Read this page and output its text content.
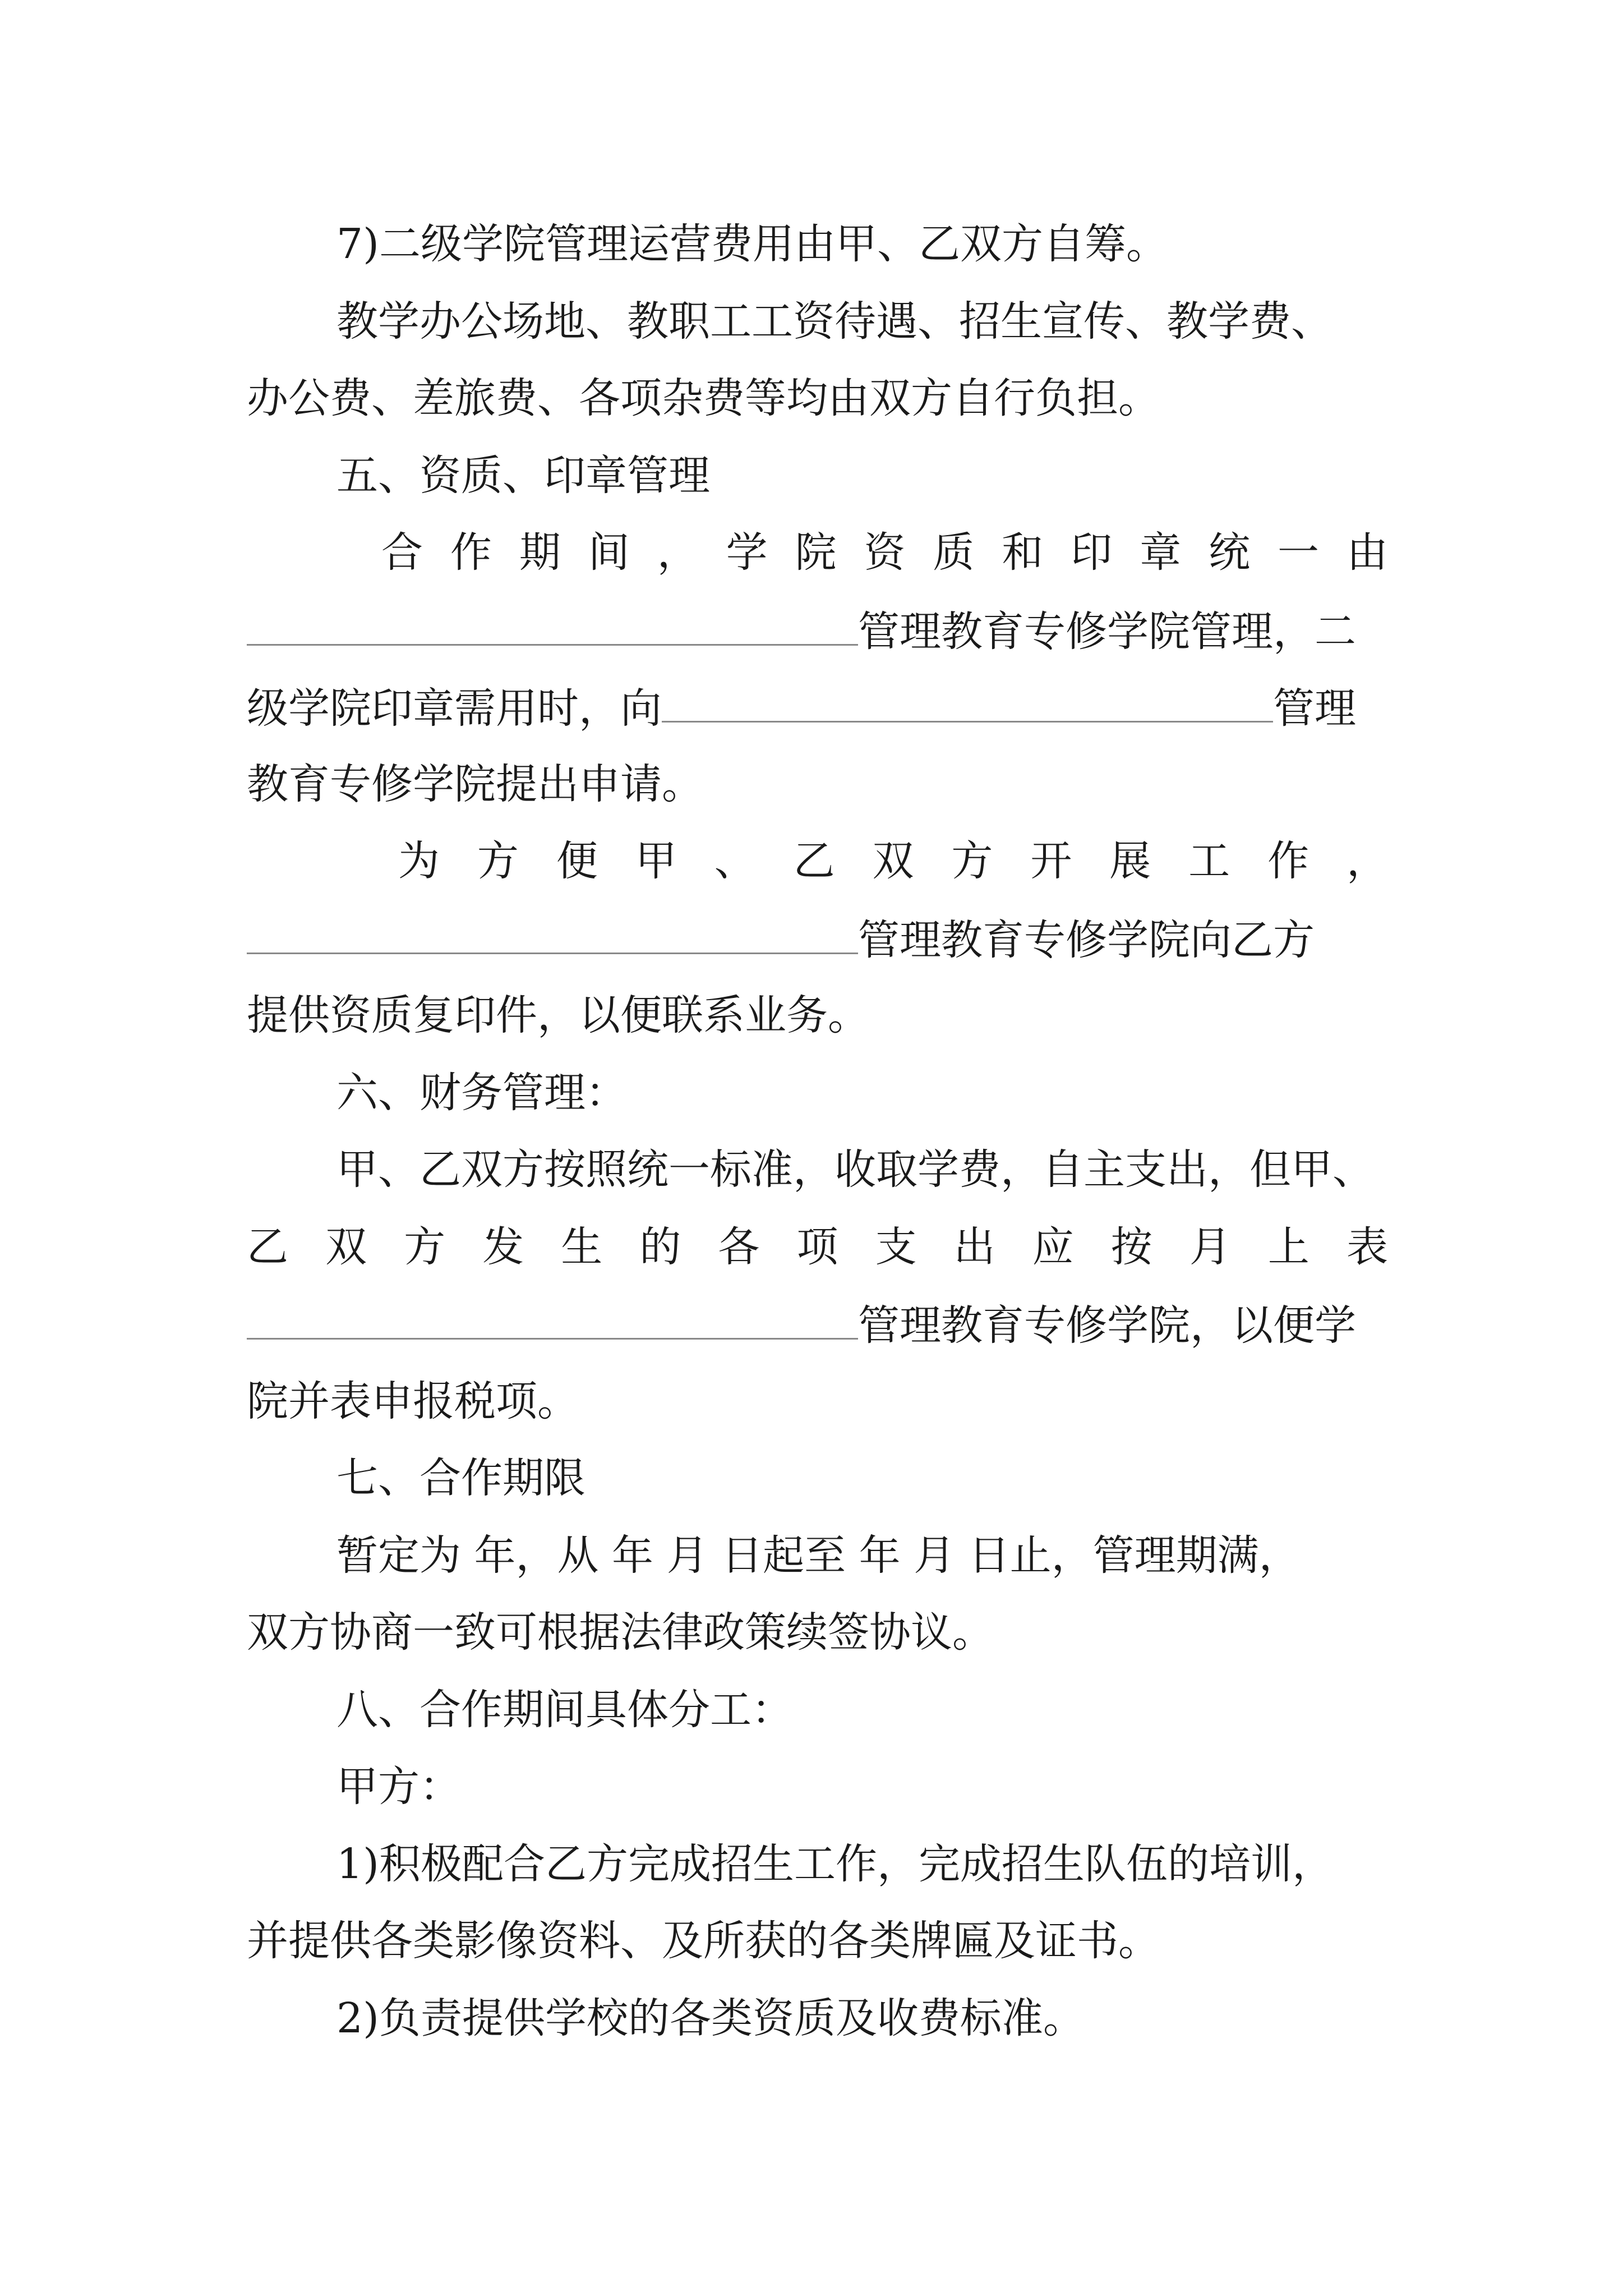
7)二级学院管理运营费用由甲、乙双方自筹。
教学办公场地、教职工工资待遇、招生宣传、教学费、
办公费、差旅费、各项杂费等均由双方自行负担。
五、资质、印章管理
合 作 期 间 ， 学 院 资 质 和 印 章 统 一 由
管理教育专修学院管理，二
级学院印章需用时，向	管理
教育专修学院提出申请。
为 方 便 甲 、 乙 双 方 开 展 工 作 ，
管理教育专修学院向乙方
提供资质复印件，以便联系业务。
六、财务管理：
甲、乙双方按照统一标准，收取学费，自主支出，但甲、
乙 双 方 发 生 的 各 项 支 出 应 按 月 上 表
管理教育专修学院，以便学
院并表申报税项。
七、合作期限
暂定为 年，从 年 月 日起至 年 月 日止，管理期满，
双方协商一致可根据法律政策续签协议。
八、合作期间具体分工：
甲方：
1)积极配合乙方完成招生工作，完成招生队伍的培训，
并提供各类影像资料、及所获的各类牌匾及证书。
2)负责提供学校的各类资质及收费标准。
